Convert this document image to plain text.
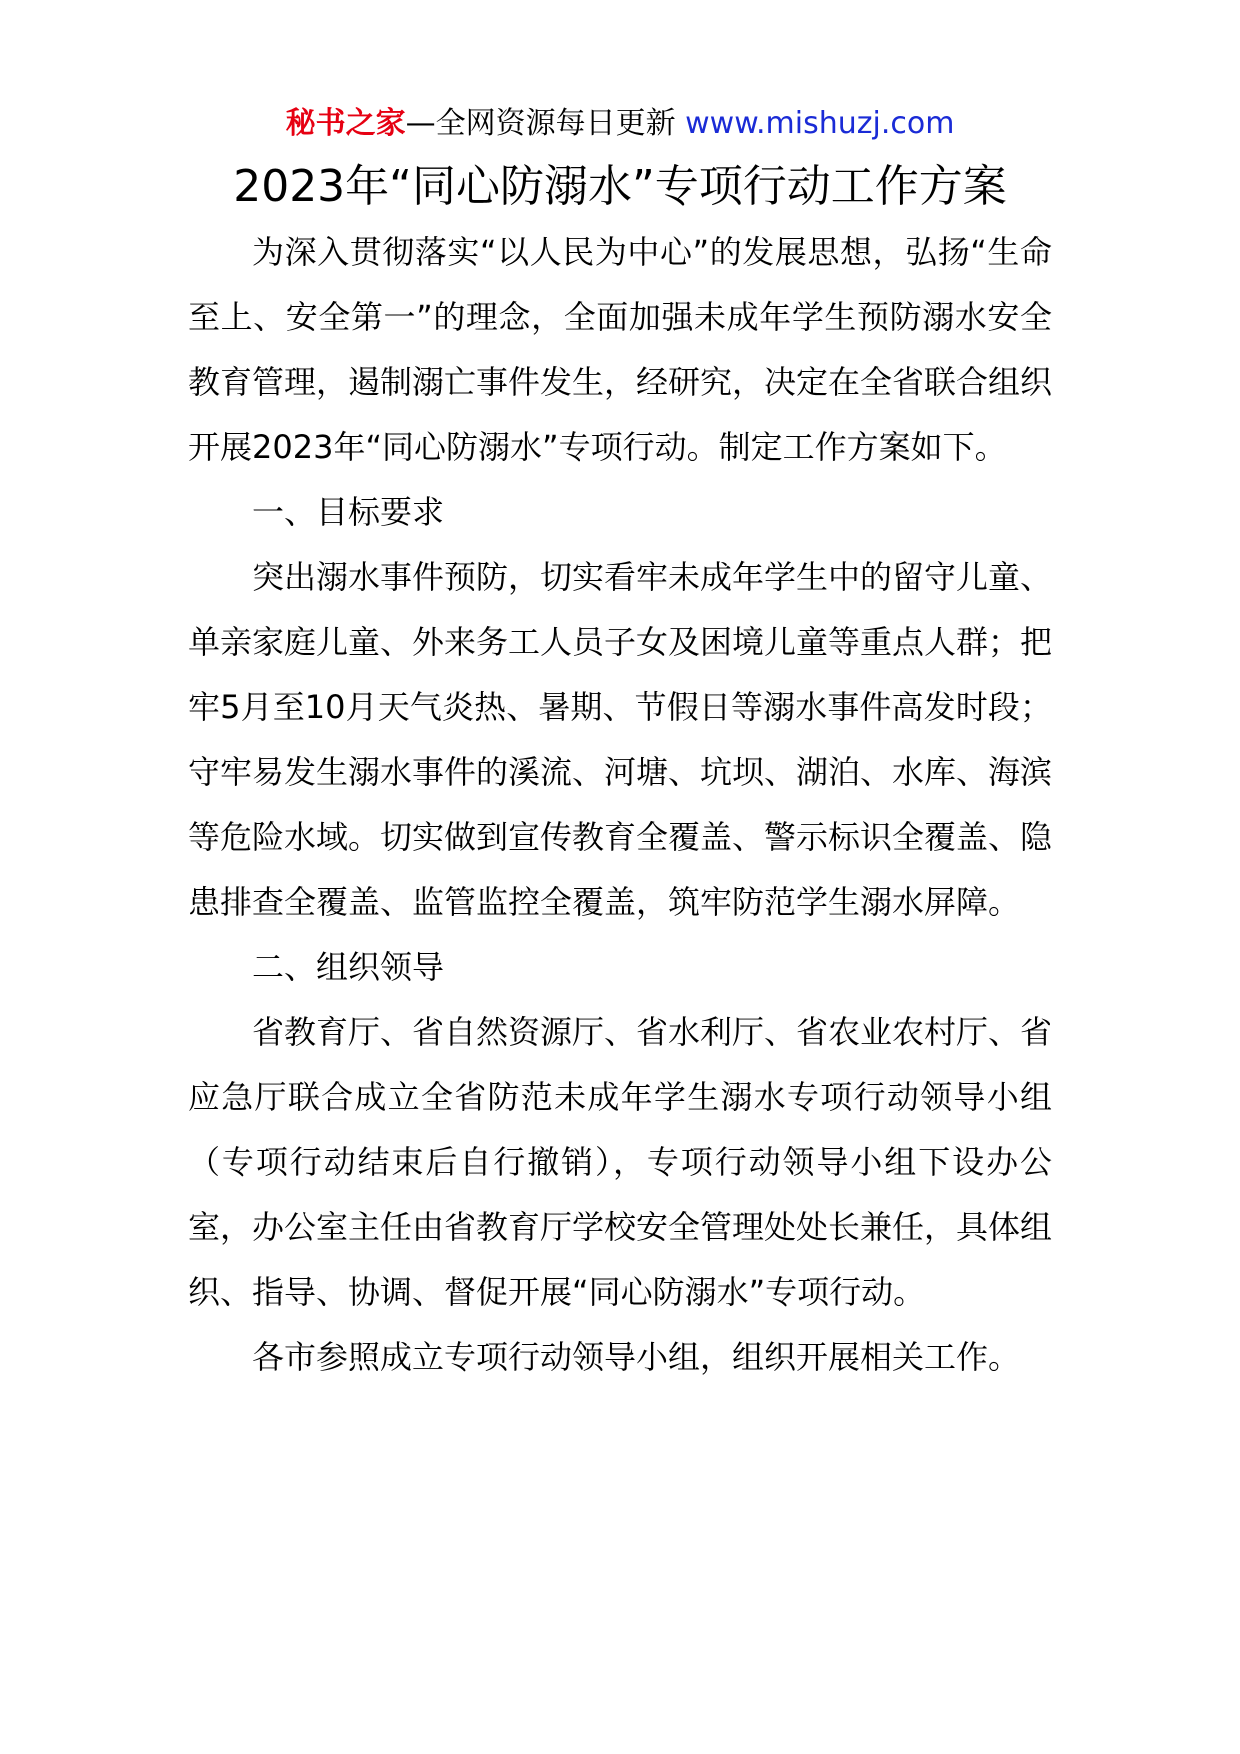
秘书之家—全网资源每日更新 www.mishuzj.com
2023年“同心防溺水”专项行动工作方案

为深入贯彻落实“以人民为中心”的发展思想，弘扬“生命至上、安全第一”的理念，全面加强未成年学生预防溺水安全教育管理，遏制溺亡事件发生，经研究，决定在全省联合组织开展2023年“同心防溺水”专项行动。制定工作方案如下。

一、目标要求

突出溺水事件预防，切实看牢未成年学生中的留守儿童、单亲家庭儿童、外来务工人员子女及困境儿童等重点人群；把牢5月至10月天气炎热、暑期、节假日等溺水事件高发时段；守牢易发生溺水事件的溪流、河塘、坑坝、湖泊、水库、海滨等危险水域。切实做到宣传教育全覆盖、警示标识全覆盖、隐患排查全覆盖、监管监控全覆盖，筑牢防范学生溺水屏障。

二、组织领导

省教育厅、省自然资源厅、省水利厅、省农业农村厅、省应急厅联合成立全省防范未成年学生溺水专项行动领导小组（专项行动结束后自行撤销），专项行动领导小组下设办公室，办公室主任由省教育厅学校安全管理处处长兼任，具体组织、指导、协调、督促开展“同心防溺水”专项行动。

各市参照成立专项行动领导小组，组织开展相关工作。
